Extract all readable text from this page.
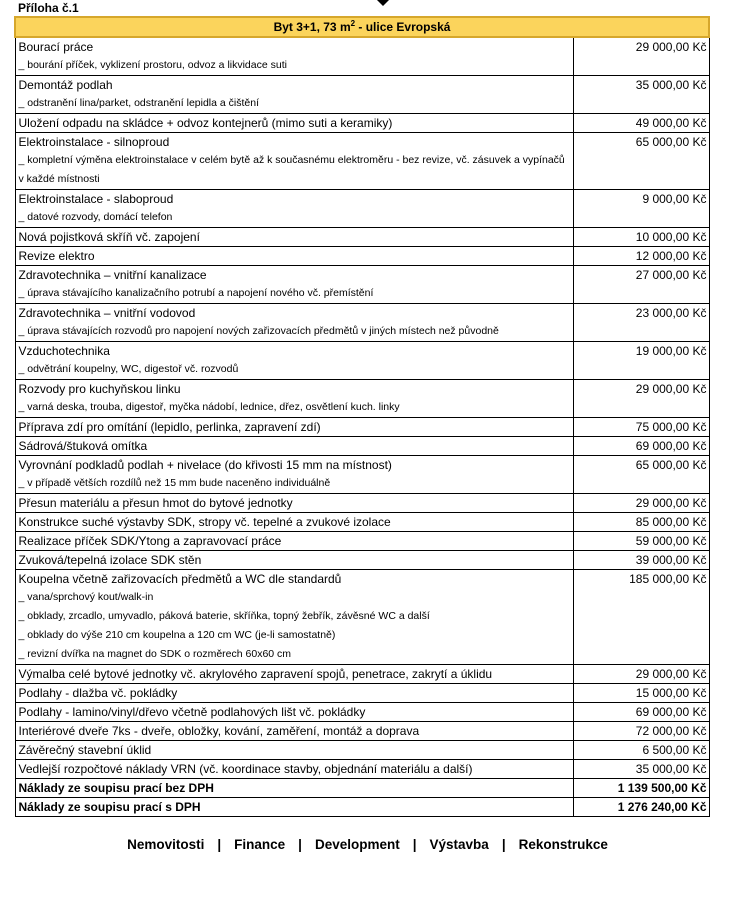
Příloha č.1
Byt 3+1, 73 $m^2$ - ulice Evropská	

Bourací práce
_ bourání příček, vyklizení prostoru, odvoz a likvidace suti	29 000,00 Kč

Demontáž podlah
_ odstranění lina/parket, odstranění lepidla a čištění	35 000,00 Kč

Uložení odpadu na skládce + odvoz kontejnerů (mimo suti a keramiky)	49 000,00 Kč

Elektroinstalace - silnoproud
_ kompletní výměna elektroinstalace v celém bytě až k současnému elektroměru - bez revize, vč. zásuvek a vypínačů v každé místnosti	65 000,00 Kč

Elektroinstalace - slaboproud
_ datové rozvody, domácí telefon	9 000,00 Kč

Nová pojistková skříň vč. zapojení	10 000,00 Kč

Revize elektro	12 000,00 Kč

Zdravotechnika – vnitřní kanalizace
_ úprava stávajícího kanalizačního potrubí a napojení nového vč. přemístění	27 000,00 Kč

Zdravotechnika – vnitřní vodovod
_ úprava stávajících rozvodů pro napojení nových zařizovacích předmětů v jiných místech než původně	23 000,00 Kč

Vzduchotechnika
_ odvětrání koupelny, WC, digestoř vč. rozvodů	19 000,00 Kč

Rozvody pro kuchyňskou linku
_ varná deska, trouba, digestoř, myčka nádobí, lednice, dřez, osvětlení kuch. linky	29 000,00 Kč

Příprava zdí pro omítání (lepidlo, perlinka, zapravení zdí)	75 000,00 Kč

Sádrová/štuková omítka	69 000,00 Kč

Vyrovnání podkladů podlah + nivelace (do křivosti 15 mm na místnost)
_ v případě větších rozdílů než 15 mm bude naceněno individuálně	65 000,00 Kč

Přesun materiálu a přesun hmot do bytové jednotky	29 000,00 Kč

Konstrukce suché výstavby SDK, stropy vč. tepelné a zvukové izolace	85 000,00 Kč

Realizace příček SDK/Ytong a zapravovací práce	59 000,00 Kč

Zvuková/tepelná izolace SDK stěn	39 000,00 Kč

Koupelna včetně zařizovacích předmětů a WC dle standardů
_ vana/sprchový kout/walk-in
_ obklady, zrcadlo, umyvadlo, páková baterie, skříňka, topný žebřík, závěsné WC a další
_ obklady do výše 210 cm koupelna a 120 cm WC (je-li samostatně)
_ revizní dvířka na magnet do SDK o rozměrech 60x60 cm	185 000,00 Kč

Výmalba celé bytové jednotky vč. akrylového zapravení spojů, penetrace, zakrytí a úklidu	29 000,00 Kč

Podlahy - dlažba vč. pokládky	15 000,00 Kč

Podlahy - lamino/vinyl/dřevo včetně podlahových lišt vč. pokládky	69 000,00 Kč

Interiérové dveře 7ks - dveře, obložky, kování, zaměření, montáž a doprava	72 000,00 Kč

Závěrečný stavební úklid	6 500,00 Kč

Vedlejší rozpočtové náklady VRN (vč. koordinace stavby, objednání materiálu a další)	35 000,00 Kč
Náklady ze soupisu prací bez DPH	1 139 500,00 Kč
Náklady ze soupisu prací s DPH	1 276 240,00 Kč
Nemovitosti | Finance | Development | Výstavba | Rekonstrukce
